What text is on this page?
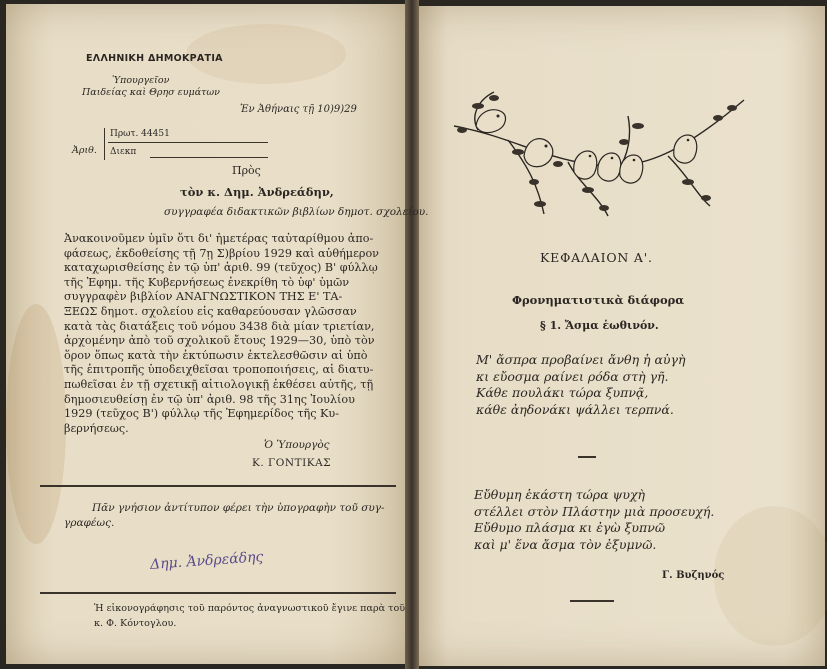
ΕΛΛΗΝΙΚΗ ΔΗΜΟΚΡΑΤΙΑ
Ὑπουργεῖον
Παιδείας καὶ Θρησ ευμάτων
Ἐν Ἀθήναις τῇ 10)9)29
Ἀριθ.
Πρωτ. 44451
Διεκπ
Πρὸς
τὸν κ. Δημ. Ἀνδρεάδην,
συγγραφέα διδακτικῶν βιβλίων δημοτ. σχολείου.
Ἀνακοινοῦμεν ὑμῖν ὅτι δι' ἡμετέρας ταὐταρίθμου ἀπο-
φάσεως, ἐκδοθείσης τῇ 7ῃ Σ)βρίου 1929 καὶ αὐθήμερον
καταχωρισθείσης ἐν τῷ ὑπ' ἀριθ. 99 (τεῦχος) Β' φύλλῳ
τῆς Ἐφημ. τῆς Κυβερνήσεως ἐνεκρίθη τὸ ὑφ' ὑμῶν
συγγραφὲν βιβλίον ΑΝΑΓΝΩΣΤΙΚΟΝ ΤΗΣ Ε' ΤΑ-
ΞΕΩΣ δημοτ. σχολείου εἰς καθαρεύουσαν γλῶσσαν
κατὰ τὰς διατάξεις τοῦ νόμου 3438 διὰ μίαν τριετίαν,
ἀρχομένην ἀπὸ τοῦ σχολικοῦ ἔτους 1929—30, ὑπὸ τὸν
ὅρον ὅπως κατὰ τὴν ἐκτύπωσιν ἐκτελεσθῶσιν αἱ ὑπὸ
τῆς ἐπιτροπῆς ὑποδειχθεῖσαι τροποποιήσεις, αἱ διατυ-
πωθεῖσαι ἐν τῇ σχετικῇ αἰτιολογικῇ ἐκθέσει αὐτῆς, τῇ
δημοσιευθείσῃ ἐν τῷ ὑπ' ἀριθ. 98 τῆς 31ης Ἰουλίου
1929 (τεῦχος Β') φύλλῳ τῆς Ἐφημερίδος τῆς Κυ-
βερνήσεως.
Ὁ Ὑπουργὸς
Κ. ΓΟΝΤΙΚΑΣ
Πᾶν γνήσιον ἀντίτυπον φέρει τὴν ὑπογραφὴν τοῦ συγ-
γραφέως.
Δημ. Ἀνδρεάδης
Ἡ εἰκονογράφησις τοῦ παρόντος ἀναγνωστικοῦ ἔγινε παρὰ τοῦ
κ. Φ. Κόντογλου.
ΚΕΦΑΛΑΙΟΝ Α'.
Φρονηματιστικὰ διάφορα
§ 1. Ἄσμα ἑωθινόν.
Μ' ἄσπρα προβαίνει ἄνθη ἡ αὐγὴ
κι εὔοσμα ραίνει ρόδα στὴ γῆ.
Κάθε πουλάκι τώρα ξυπνᾷ,
κάθε ἀηδονάκι ψάλλει τερπνά.
Εὔθυμη ἑκάστη τώρα ψυχὴ
στέλλει στὸν Πλάστην μιὰ προσευχή.
Εὔθυμο πλάσμα κι ἐγὼ ξυπνῶ
καὶ μ' ἕνα ἄσμα τὸν ἐξυμνῶ.
Γ. Βυζηνός
